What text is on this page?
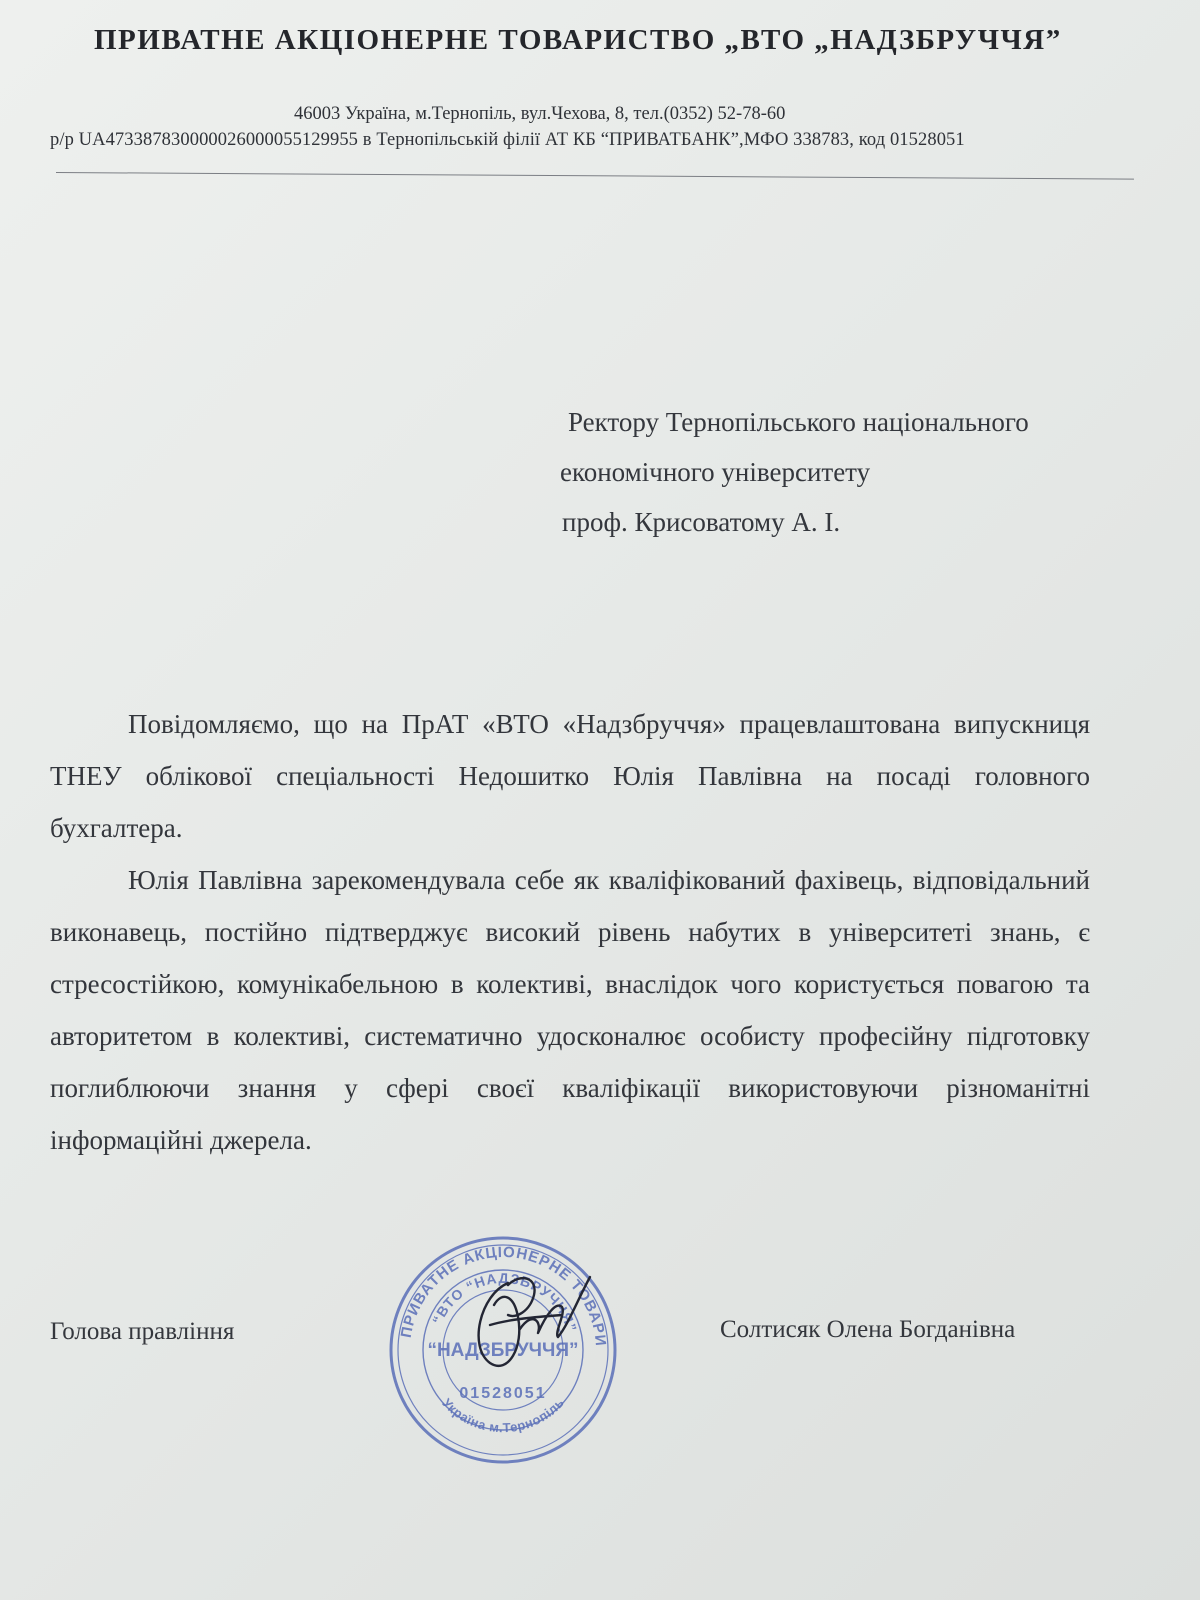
ПРИВАТНЕ АКЦІОНЕРНЕ ТОВАРИСТВО „ВТО „НАДЗБРУЧЧЯ”
46003 Україна, м.Тернопіль, вул.Чехова, 8, тел.(0352) 52-78-60
р/р UA473387830000026000055129955 в Тернопільській філії АТ КБ “ПРИВАТБАНК”,МФО 338783, код 01528051
Ректору Тернопільського національного
економічного університету
проф. Крисоватому А. І.

Повідомляємо, що на ПрАТ «ВТО «Надзбруччя» працевлаштована випускниця ТНЕУ облікової спеціальності Недошитко Юлія Павлівна на посаді головного бухгалтера.

Юлія Павлівна зарекомендувала себе як кваліфікований фахівець, відповідальний виконавець, постійно підтверджує високий рівень набутих в університеті знань, є стресостійкою, комунікабельною в колективі, внаслідок чого користується повагою та авторитетом в колективі, систематично удосконалює особисту професійну підготовку поглиблюючи знання у сфері своєї кваліфікації використовуючи різноманітні інформаційні джерела.

Голова правління	Солтисяк Олена Богданівна
ПРИВАТНЕ АКЦІОНЕРНЕ ТОВАРИ
“ВТО “НАДЗБРУЧЧЯ”
“НАДЗБРУЧЧЯ”
01528051
Україна м.Тернопіль
